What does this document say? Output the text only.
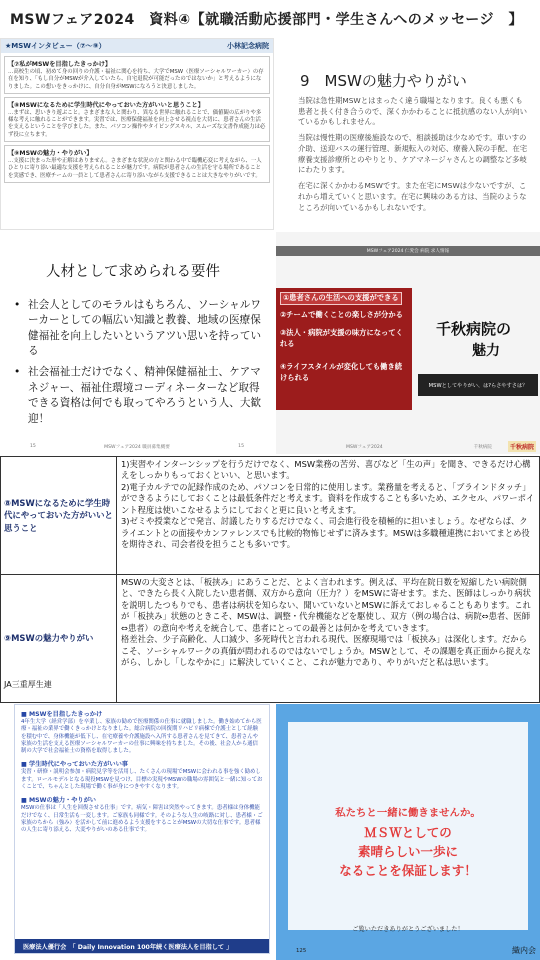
MSWフェア2024　資料④【就職活動応援部門・学生さんへのメッセージ　】
★MSWインタビュー（⑦〜⑨）	小林記念病院
【⑦私がMSWを目指したきっかけ】

…高校生の頃、初めて身の回りの介護・福祉に関心を持ち、大学でMSW（医療ソーシャルワーカー）の存在を知り、「もし自分がMSWが介入していたら、自宅退院が可能だったのではないか」と考えるようになりました。この想いをきっかけに、自分自身がMSWになろうと決意しました。

【⑧MSWになるために学生時代にやっておいた方がいいと思うこと】

…まずは、思いきり遊ぶこと。さまざまな人と関わり、異なる世界に触れることで、価値観の広がりや多様な考えに触れることができます。実習では、医療保健福祉を向上させる視点を大切に、患者さんの生活を支えるということを学びました。また、パソコン操作やタイピングスキル、スムーズな文書作成能力は必ず役に立ちます。

【⑨MSWの魅力・やりがい】

…支援に決まった形や正解はありません。さまざまな状況の方と関わる中で臨機応変に考えながら、一人ひとりに寄り添い最適な支援を考えられることが魅力です。病院が患者さんの生活を守る場所であることを実感でき、医療チームの一員として患者さんに寄り添いながら支援できることは大きなやりがいです。

9　MSWの魅力やりがい

当院は急性期MSWとはまったく違う職場となります。良くも悪くも患者と長く付き合うので、深くかかわることに抵抗感のない人が向いているかもしれません。

当院は慢性期の医療後施設なので、相談援助は少なめです。車いすの介助、送迎バスの運行管理、新規転入の対応、療養入院の手配、在宅療養支援診療所とのやりとり、ケアマネージャさんとの調整など多岐にわたります。

在宅に深くかかわるMSWです。また在宅にMSWは少ないですが、これから増えていくと思います。在宅に興味のある方は、当院のようなところが向いているかもしれないです。

人材として求められる要件
• 社会人としてのモラルはもちろん、ソーシャルワーカーとしての幅広い知識と教養、地域の医療保健福祉を向上したいというアツい思いを持っている
• 社会福祉士だけでなく、精神保健福祉士、ケアマネジャー、福祉住環境コーディネーターなど取得できる資格は何でも取ってやろうという人、大歓迎！
15	MSWフェア2024 職員募集概要	15
MSWフェア2024 仁愛会 病院 求人情報
①患者さんの生活への支援ができる
②チームで働くことの楽しさが分かる
③法人・病院が支援の味方になってくれる
④ライフスタイルが変化しても働き続けられる
千秋病院の
魅力
MSWとしてやりがい、は?らさやすさは？
MSWフェア2024	千秋病院	千秋病院
⑧MSWになるために学生時代にやっておいた方がいいと思うこと	1)実習やインターンシップを行うだけでなく、MSW業務の苦労、喜びなど「生の声」を聞き、できるだけ心構えをしっかりもっておくといい、と思います。

2)電子カルテでの記録作成のため、パソコンを日常的に使用します。業務量を考えると、「ブラインドタッチ」ができるようにしておくことは最低条件だと考えます。資料を作成することも多いため、エクセル、パワーポイント程度は使いこなせるようにしておくと更に良いと考えます。

3)ゼミや授業などで発言、討議したりするだけでなく、司会進行役を積極的に担いましょう。なぜならば、クライエントとの面接やカンファレンスでも比較的物怖じせずに済みます。MSWは多職種連携においてまとめ役を期待され、司会者役を担うことも多いです。

⑨MSWの魅力やりがい	MSWの大変さとは、「板挟み」にあうことだ、とよく言われます。例えば、平均在院日数を短縮したい病院側と、できたら長く入院したい患者側、双方から意向（圧力？）をMSWに寄せます。また、医師はしっかり病状を説明したつもりでも、患者は病状を知らない、聞いていないとMSWに訴えておしゃることもあります。これが「板挟み」状態のときこそ、MSWは、調整・代弁機能などを駆使し、双方（例の場合は、病院⇔患者、医師⇔患者）の意向や考えを統合して、患者にとっての最善とは何かを考えていきます。

格差社会、少子高齢化、人口減少、多死時代と言われる現代、医療現場では「板挟み」は深化します。だからこそ、ソーシャルワークの真価が問われるのではないでしょうか。MSWとして、その課題を真正面から捉えながら、しかし「しなやかに」に解決していくこと、これが魅力であり、やりがいだと私は思います。

JA三重厚生連
■ MSWを目指したきっかけ

4年生大学（経営学部）を卒業し、家族の勧めで医療関係の仕事に就職しました。働き始めてから医療・福祉の業界で働くきっかけとなりました。総合病院の回復期リハビリ病棟で介護士として経験を積む中で、身体機能が低下し、在宅療養や介護施設へ入所する患者さんを見てきて、患者さんや家族の生活を支える医療ソーシャルワーカーの仕事に興味を持ちました。その後、社会人から通信制の大学で社会福祉士の資格を取得しました。

■ 学生時代にやっておいた方がいい事

実習・研修・説明会参加・病院見学等を活用し、たくさんの現場でMSWに会われる事を強く勧めします。ロールモデルとなる現役MSWを見つけ、目標の実現やMSWの職場の雰囲気と一緒に知っておくことで、ちゃんとした現場で働く事が身につきやすくなります。

■ MSWの魅力・やりがい

MSWの仕事は「人生を回復させる仕事」です。病気・障害は突然やってきます。患者様は身体機能だけでなく、日常生活も一変します。ご家族も同様です。そのような人生の岐路に対し、患者様・ご家族のちから（強み）を活かして前に進めるよう支援をすることがMSWの大切な仕事です。患者様の人生に寄り添える、大変やりがいのある仕事です。

医療法人優行会　「 Daily Innovation 100年続く医療法人を目指して 」
私たちと一緒に働きませんか。
ＭＳＷとしての
素晴らしい一歩に
なることを保証します！
ご覧いただきありがとうございました！
125	織内会
